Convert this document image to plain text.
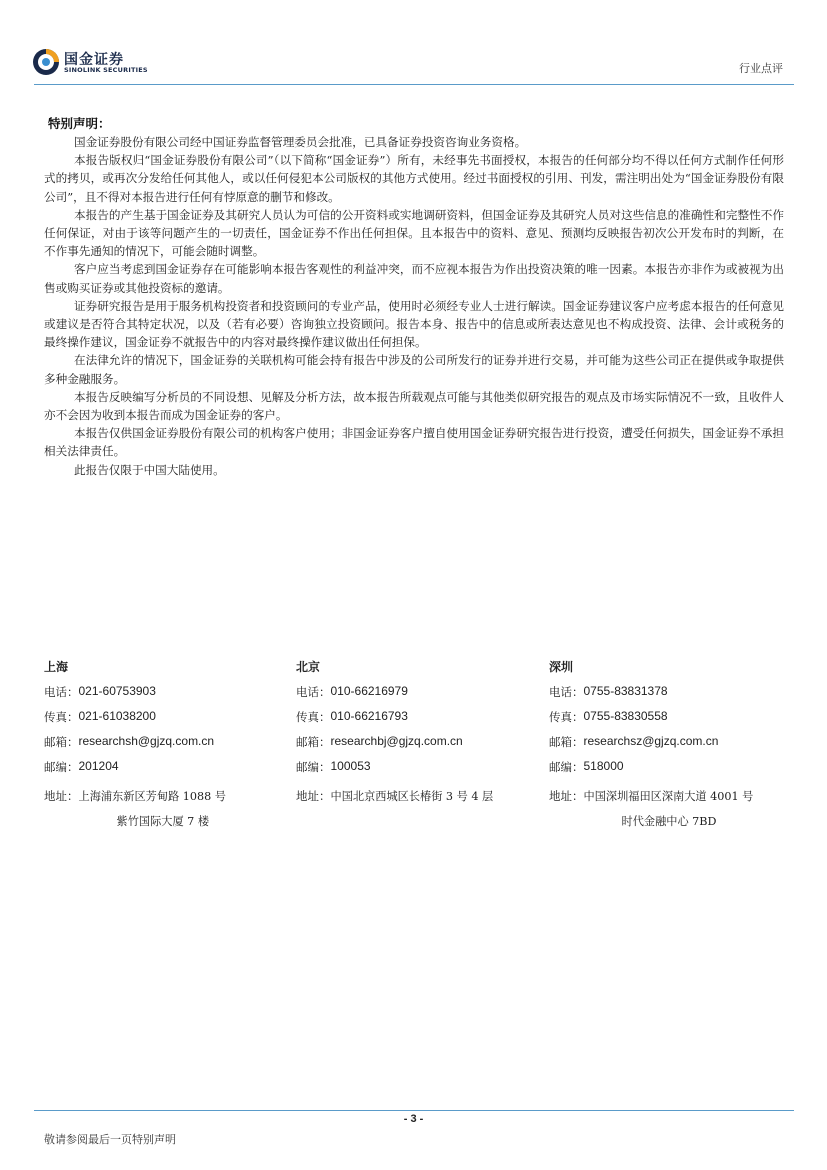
国金证券
SINOLINK SECURITIES	行业点评
特别声明：

国金证券股份有限公司经中国证券监督管理委员会批准，已具备证券投资咨询业务资格。

本报告版权归“国金证券股份有限公司”（以下简称“国金证券”）所有，未经事先书面授权，本报告的任何部分均不得以任何方式制作任何形式的拷贝，或再次分发给任何其他人，或以任何侵犯本公司版权的其他方式使用。经过书面授权的引用、刊发，需注明出处为“国金证券股份有限公司”，且不得对本报告进行任何有悖原意的删节和修改。

本报告的产生基于国金证券及其研究人员认为可信的公开资料或实地调研资料，但国金证券及其研究人员对这些信息的准确性和完整性不作任何保证，对由于该等问题产生的一切责任，国金证券不作出任何担保。且本报告中的资料、意见、预测均反映报告初次公开发布时的判断，在不作事先通知的情况下，可能会随时调整。

客户应当考虑到国金证券存在可能影响本报告客观性的利益冲突，而不应视本报告为作出投资决策的唯一因素。本报告亦非作为或被视为出售或购买证券或其他投资标的邀请。

证券研究报告是用于服务机构投资者和投资顾问的专业产品，使用时必须经专业人士进行解读。国金证券建议客户应考虑本报告的任何意见或建议是否符合其特定状况，以及（若有必要）咨询独立投资顾问。报告本身、报告中的信息或所表达意见也不构成投资、法律、会计或税务的最终操作建议，国金证券不就报告中的内容对最终操作建议做出任何担保。

在法律允许的情况下，国金证券的关联机构可能会持有报告中涉及的公司所发行的证券并进行交易，并可能为这些公司正在提供或争取提供多种金融服务。

本报告反映编写分析员的不同设想、见解及分析方法，故本报告所载观点可能与其他类似研究报告的观点及市场实际情况不一致，且收件人亦不会因为收到本报告而成为国金证券的客户。

本报告仅供国金证券股份有限公司的机构客户使用；非国金证券客户擅自使用国金证券研究报告进行投资，遭受任何损失，国金证券不承担相关法律责任。

此报告仅限于中国大陆使用。

上海
电话： 021-60753903
传真： 021-61038200
邮箱： researchsh@gjzq.com.cn
邮编： 201204
地址： 上海浦东新区芳甸路 1088 号
紫竹国际大厦 7 楼
北京
电话： 010-66216979
传真： 010-66216793
邮箱： researchbj@gjzq.com.cn
邮编： 100053
地址： 中国北京西城区长椿街 3 号 4 层
深圳
电话： 0755-83831378
传真： 0755-83830558
邮箱： researchsz@gjzq.com.cn
邮编： 518000
地址： 中国深圳福田区深南大道 4001 号
时代金融中心 7BD
- 3 -
敬请参阅最后一页特别声明
